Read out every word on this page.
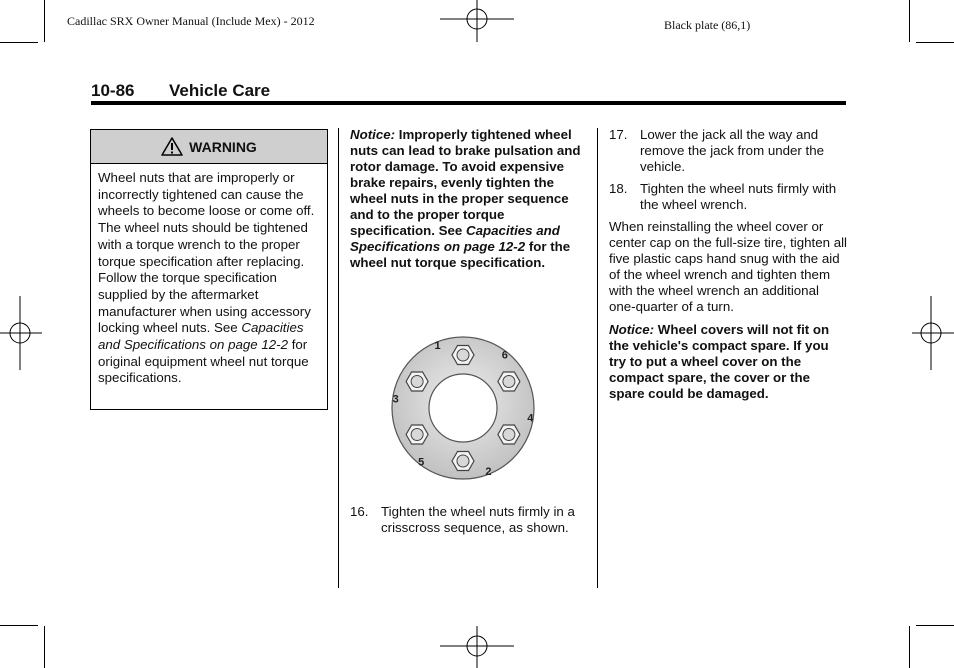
Cadillac SRX Owner Manual (Include Mex) - 2012	Black plate (86,1)
10-86 Vehicle Care
WARNING
Wheel nuts that are improperly or incorrectly tightened can cause the wheels to become loose or come off. The wheel nuts should be tightened with a torque wrench to the proper torque specification after replacing. Follow the torque specification supplied by the aftermarket manufacturer when using accessory locking wheel nuts. See Capacities and Specifications on page 12-2 for original equipment wheel nut torque specifications.
Notice: Improperly tightened wheel nuts can lead to brake pulsation and rotor damage. To avoid expensive brake repairs, evenly tighten the wheel nuts in the proper sequence and to the proper torque specification. See Capacities and Specifications on page 12-2 for the wheel nut torque specification.
1
6
4
2
5
3
16. Tighten the wheel nuts firmly in a crisscross sequence, as shown.
17. Lower the jack all the way and remove the jack from under the vehicle.
18. Tighten the wheel nuts firmly with the wheel wrench.
When reinstalling the wheel cover or center cap on the full-size tire, tighten all five plastic caps hand snug with the aid of the wheel wrench and tighten them with the wheel wrench an additional one-quarter of a turn.
Notice: Wheel covers will not fit on the vehicle's compact spare. If you try to put a wheel cover on the compact spare, the cover or the spare could be damaged.
